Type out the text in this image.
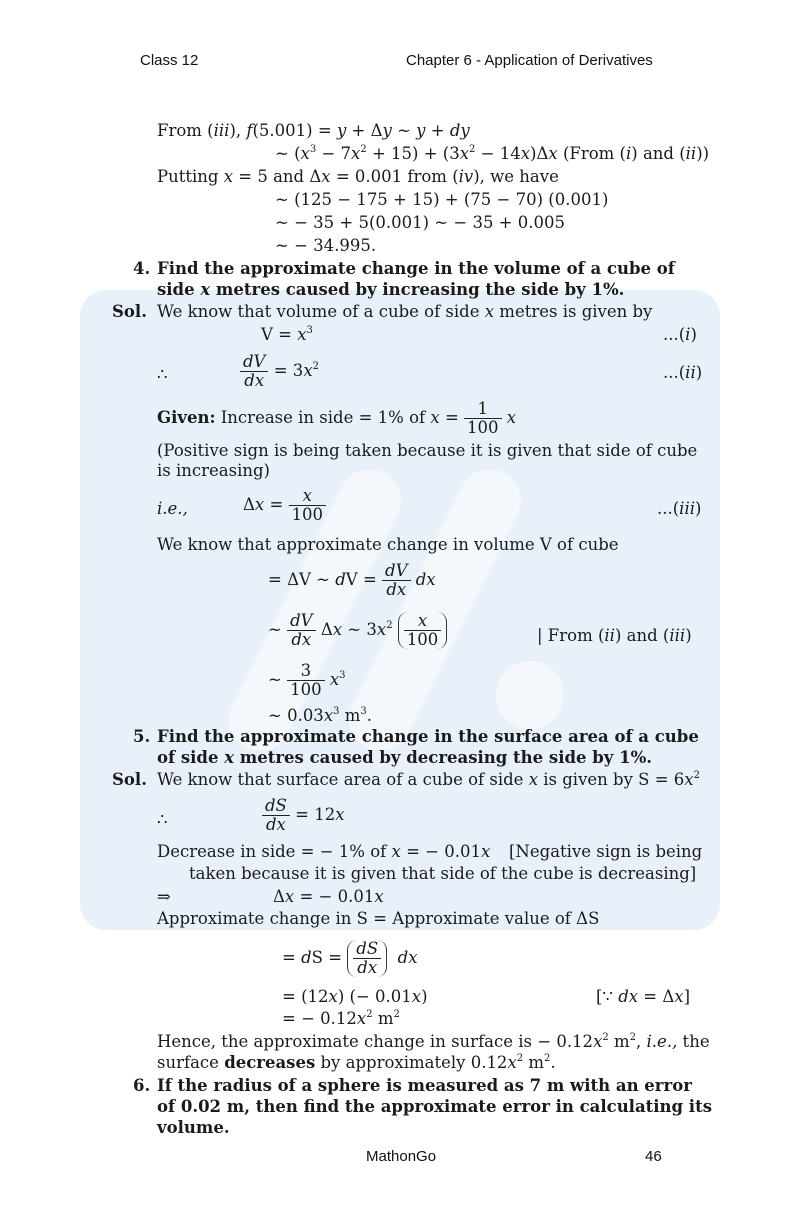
Class 12	Chapter 6 - Application of Derivatives
From (iii), f(5.001) = y + Δy ~ y + dy
~ $(x^3 - 7x^2 + 15) + (3x^2 - 14x)\Delta x$ (From (i) and (ii))
Putting x = 5 and Δx = 0.001 from (iv), we have
~ (125 − 175 + 15) + (75 − 70) (0.001)
~ − 35 + 5(0.001) ~ − 35 + 0.005
~ − 34.995.
4. Find the approximate change in the volume of a cube of
side x metres caused by increasing the side by 1%.
Sol. We know that volume of a cube of side x metres is given by
$V = x^3$	...(i)
∴	$\frac{dV}{dx} = 3x^2$	...(ii)
Given: Increase in side = 1% of $x = \frac{1}{100}$ x
(Positive sign is being taken because it is given that side of cube
is increasing)
i.e.,	$\Delta x = \frac{x}{100}$	...(iii)
We know that approximate change in volume V of cube
= ΔV ~ dV = $\frac{dV}{dx}$ dx
~ $\frac{dV}{dx}$ Δx ~ $3x^2 \frac{x}{100}$	| From (ii) and (iii)
~ $\frac{3}{100} x^3$
~ $0.03x^3$ $m^3$.
5. Find the approximate change in the surface area of a cube
of side x metres caused by decreasing the side by 1%.
Sol. We know that surface area of a cube of side x is given by $S = 6x^2$
∴	$\frac{dS}{dx} = 12x$
Decrease in side = − 1% of x = − 0.01x [Negative sign is being
taken because it is given that side of the cube is decreasing]
⇒	Δx = − 0.01x
Approximate change in S = Approximate value of ΔS
= dS = $\frac{dS}{dx}$ dx
= (12x) (− 0.01x)	[∵ dx = Δx]
= − $0.12x^2$ $m^2$
Hence, the approximate change in surface is − $0.12x^2$ $m^2$, i.e., the
surface decreases by approximately $0.12x^2$ $m^2$.
6. If the radius of a sphere is measured as 7 m with an error
of 0.02 m, then find the approximate error in calculating its
volume.
MathonGo	46
